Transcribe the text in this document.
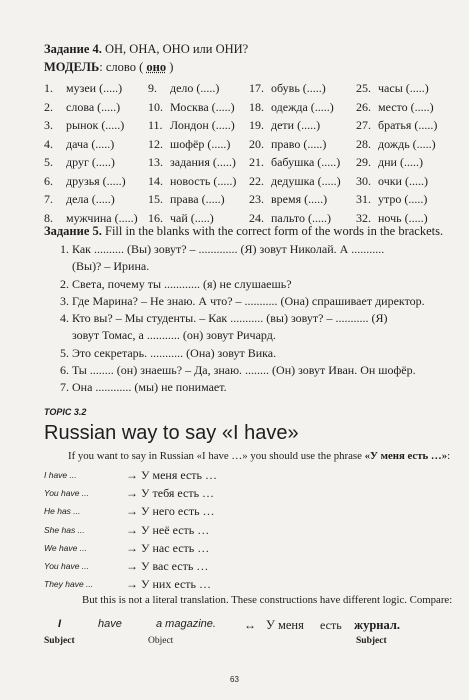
Задание 4. ОН, ОНА, ОНО или ОНИ?
МОДЕЛЬ: слово ( оно )
1. музеи (.....) 9. дело (.....) 17. обувь (.....)	25. часы (.....)
2. слова (.....) 10. Москва (.....) 18. одежда (.....) 26. место (.....)
3. рынок (.....) 11. Лондон (.....) 19. дети (.....)	27. братья (.....)
4. дача (.....)	12. шофёр (.....) 20. право (.....) 28. дождь (.....)
5. друг (.....)	13. задания (.....) 21. бабушка (.....) 29. дни (.....)
6. друзья (.....) 14. новость (.....) 22. дедушка (.....) 30. очки (.....)
7. дела (.....)	15. права (.....) 23. время (.....) 31. утро (.....)
8. мужчина (.....) 16. чай (.....)	24. пальто (.....) 32. ночь (.....)
Задание 5. Fill in the blanks with the correct form of the words in the brackets.
1. Как .......... (Вы) зовут? – ............. (Я) зовут Николай. А ...........
(Вы)? – Ирина.
2. Света, почему ты ............ (я) не слушаешь?
3. Где Марина? – Не знаю. А что? – ........... (Она) спрашивает директор.
4. Кто вы? – Мы студенты. – Как ........... (вы) зовут? – ........... (Я)
зовут Томас, а ........... (он) зовут Ричард.
5. Это секретарь. ........... (Она) зовут Вика.
6. Ты ........ (он) знаешь? – Да, знаю. ........ (Он) зовут Иван. Он шофёр.
7. Она ............ (мы) не понимает.
TOPIC 3.2
Russian way to say «I have»
If you want to say in Russian «I have …» you should use the phrase «У меня есть …»:
I have ...	→ У меня есть …
You have ...	→ У тебя есть …
He has ...	→ У него есть …
She has ...	→ У неё есть …
We have ...	→ У нас есть …
You have ...	→ У вас есть …
They have ...	→ У них есть …
But this is not a literal translation. These constructions have different logic. Compare:
I	have	a magazine. ↔ У меня есть журнал.
Subject	Object	Subject
63
